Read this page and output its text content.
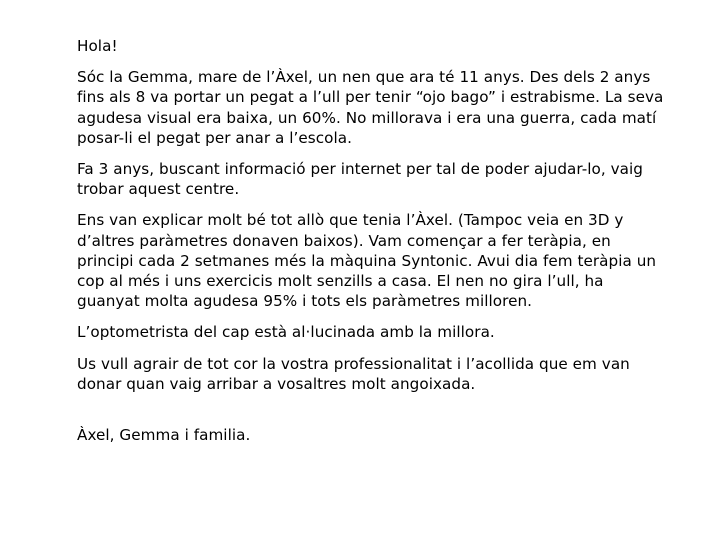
Hola!

Sóc la Gemma, mare de l’Àxel, un nen que ara té 11 anys. Des dels 2 anys fins als 8 va portar un pegat a l’ull per tenir “ojo bago” i estrabisme. La seva agudesa visual era baixa, un 60%. No millorava i era una guerra, cada matí posar-li el pegat per anar a l’escola.

Fa 3 anys, buscant informació per internet per tal de poder ajudar-lo, vaig trobar aquest centre.

Ens van explicar molt bé tot allò que tenia l’Àxel. (Tampoc veia en 3D y d’altres paràmetres donaven baixos). Vam començar a fer teràpia, en principi cada 2 setmanes més la màquina Syntonic. Avui dia fem teràpia un cop al més i uns exercicis molt senzills a casa. El nen no gira l’ull, ha guanyat molta agudesa 95% i tots els paràmetres milloren.

L’optometrista del cap està al·lucinada amb la millora.

Us vull agrair de tot cor la vostra professionalitat i l’acollida que em van donar quan vaig arribar a vosaltres molt angoixada.

Àxel, Gemma i familia.
